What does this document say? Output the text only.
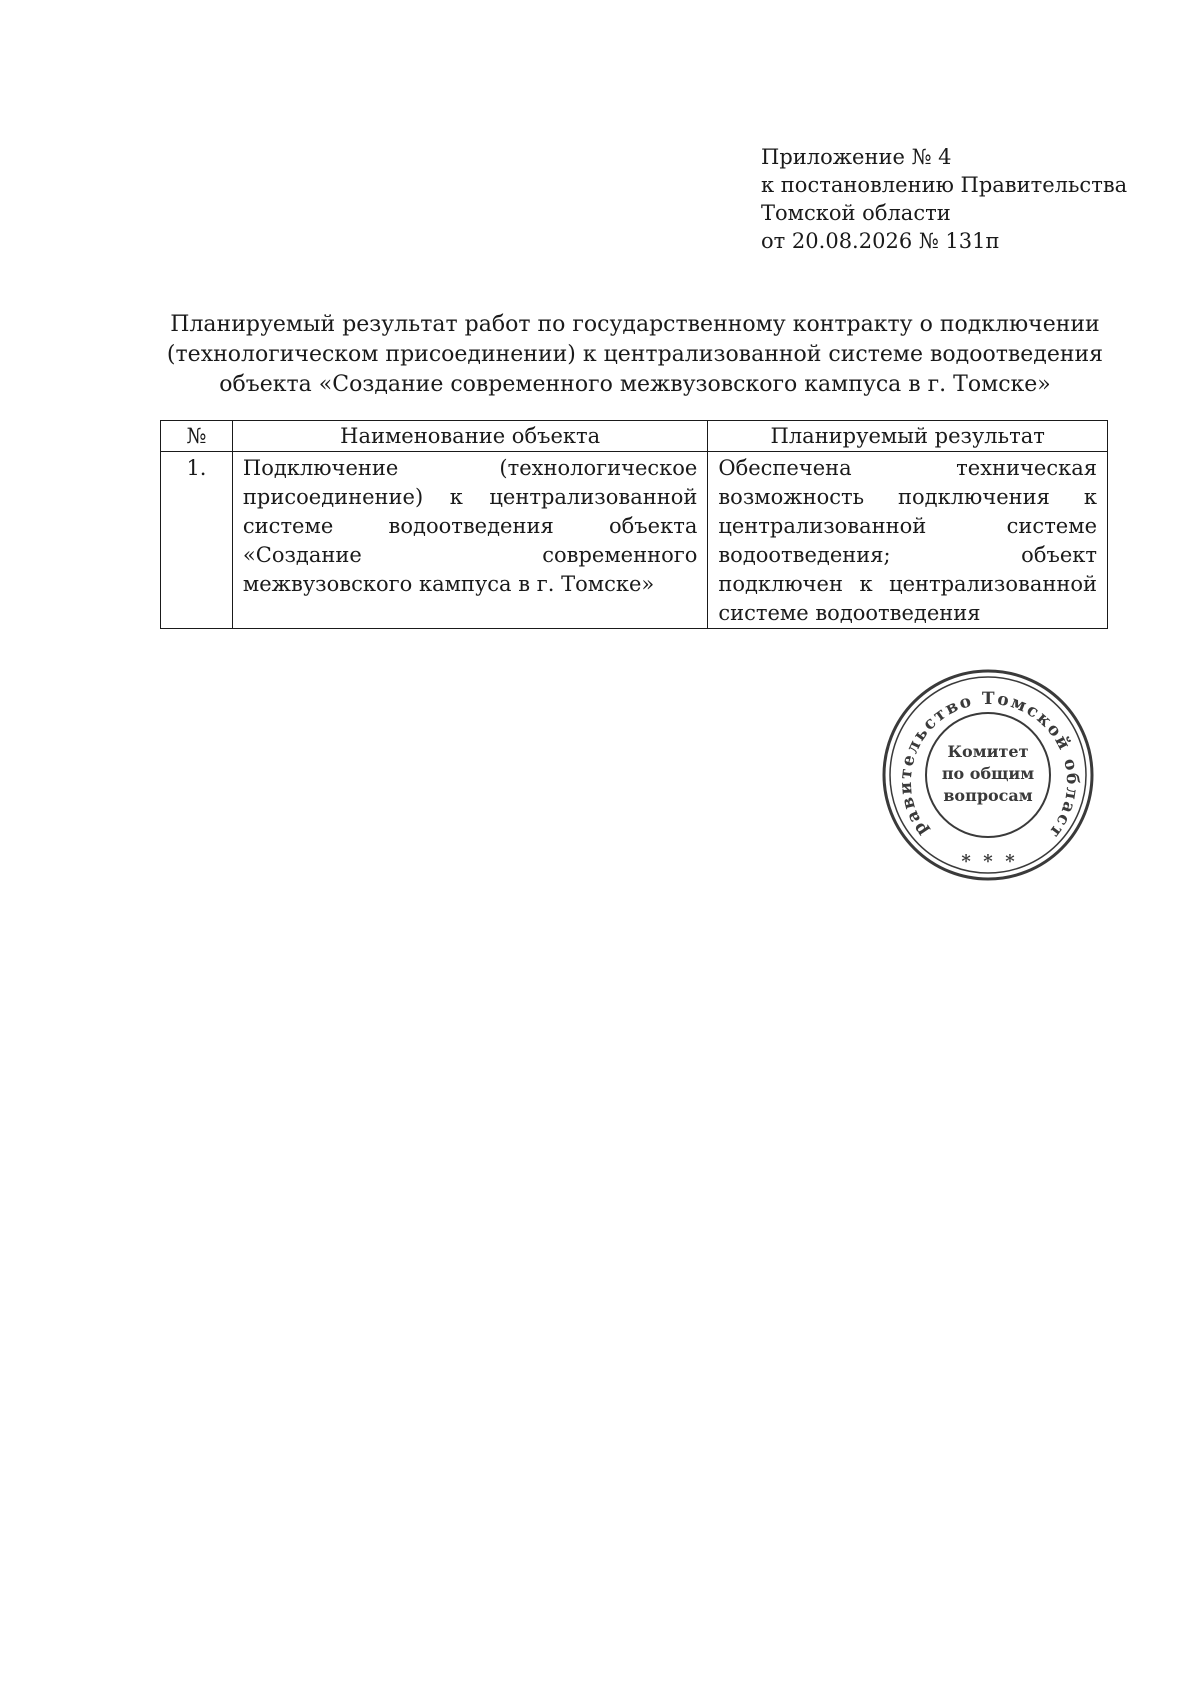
Приложение № 4
к постановлению Правительства
Томской области
от 20.08.2026 № 131п
Планируемый результат работ по государственному контракту о подключении
(технологическом присоединении) к централизованной системе водоотведения
объекта «Создание современного межвузовского кампуса в г. Томске»
№	Наименование объекта	Планируемый результат
1.	Подключение (технологическое присоединение) к централизованной системе водоотведения объекта «Создание современного межвузовского кампуса в г. Томске»	Обеспечена техническая возможность подключения к централизованной системе водоотведения; объект подключен к централизованной системе водоотведения
равительство Томской област
Комитет
по общим
вопросам
*  *  *
